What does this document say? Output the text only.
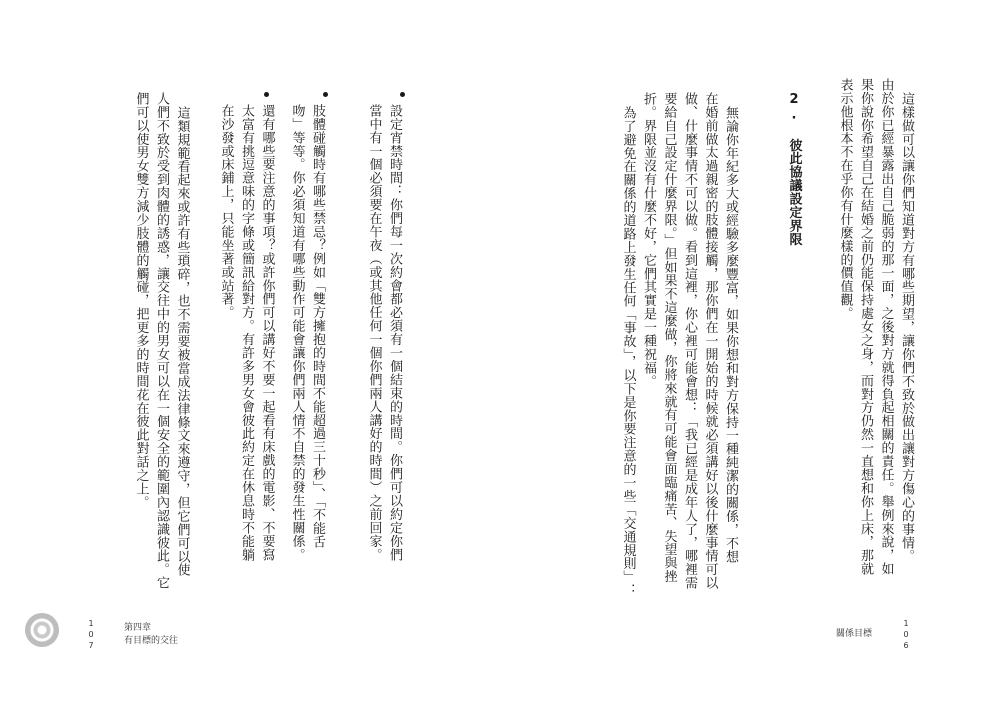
這樣做可以讓你們知道對方有哪些期望，讓你們不致於做出讓對方傷心的事情。
由於你已經暴露出自己脆弱的那一面，之後對方就得負起相關的責任。舉例來說，如
果你說你希望自己在結婚之前仍能保持處女之身，而對方仍然一直想和你上床，那就
表示他根本不在乎你有什麼樣的價值觀。
2. 彼此協議設定界限
無論你年紀多大或經驗多麼豐富，如果你想和對方保持一種純潔的關係，不想
在婚前做太過親密的肢體接觸，那你們在一開始的時候就必須講好以後什麼事情可以
做、什麼事情不可以做。看到這裡，你心裡可能會想：「我已經是成年人了，哪裡需
要給自己設定什麼界限。」但如果不這麼做，你將來就有可能會面臨痛苦、失望與挫
折。界限並沒有什麼不好，它們其實是一種祝福。
為了避免在關係的道路上發生任何「事故」，以下是你要注意的一些「交通規則」：
設定宵禁時間：你們每一次約會都必須有一個結束的時間。你們可以約定你們
當中有一個必須要在午夜（或其他任何一個你們兩人講好的時間）之前回家。
肢體碰觸時有哪些禁忌？例如「雙方擁抱的時間不能超過三十秒」、「不能舌
吻」等等。你必須知道有哪些動作可能會讓你們兩人情不自禁的發生性關係。
還有哪些要注意的事項？或許你們可以講好不要一起看有床戲的電影、不要寫
太富有挑逗意味的字條或簡訊給對方。有許多男女會彼此約定在休息時不能躺
在沙發或床鋪上，只能坐著或站著。
這類規範看起來或許有些瑣碎，也不需要被當成法律條文來遵守，但它們可以使
人們不致於受到肉體的誘惑，讓交往中的男女可以在一個安全的範圍內認識彼此。它
們可以使男女雙方減少肢體的觸碰，把更多的時間花在彼此對話之上。
1
0
7
第四章
有目標的交往
關係目標
1
0
6
